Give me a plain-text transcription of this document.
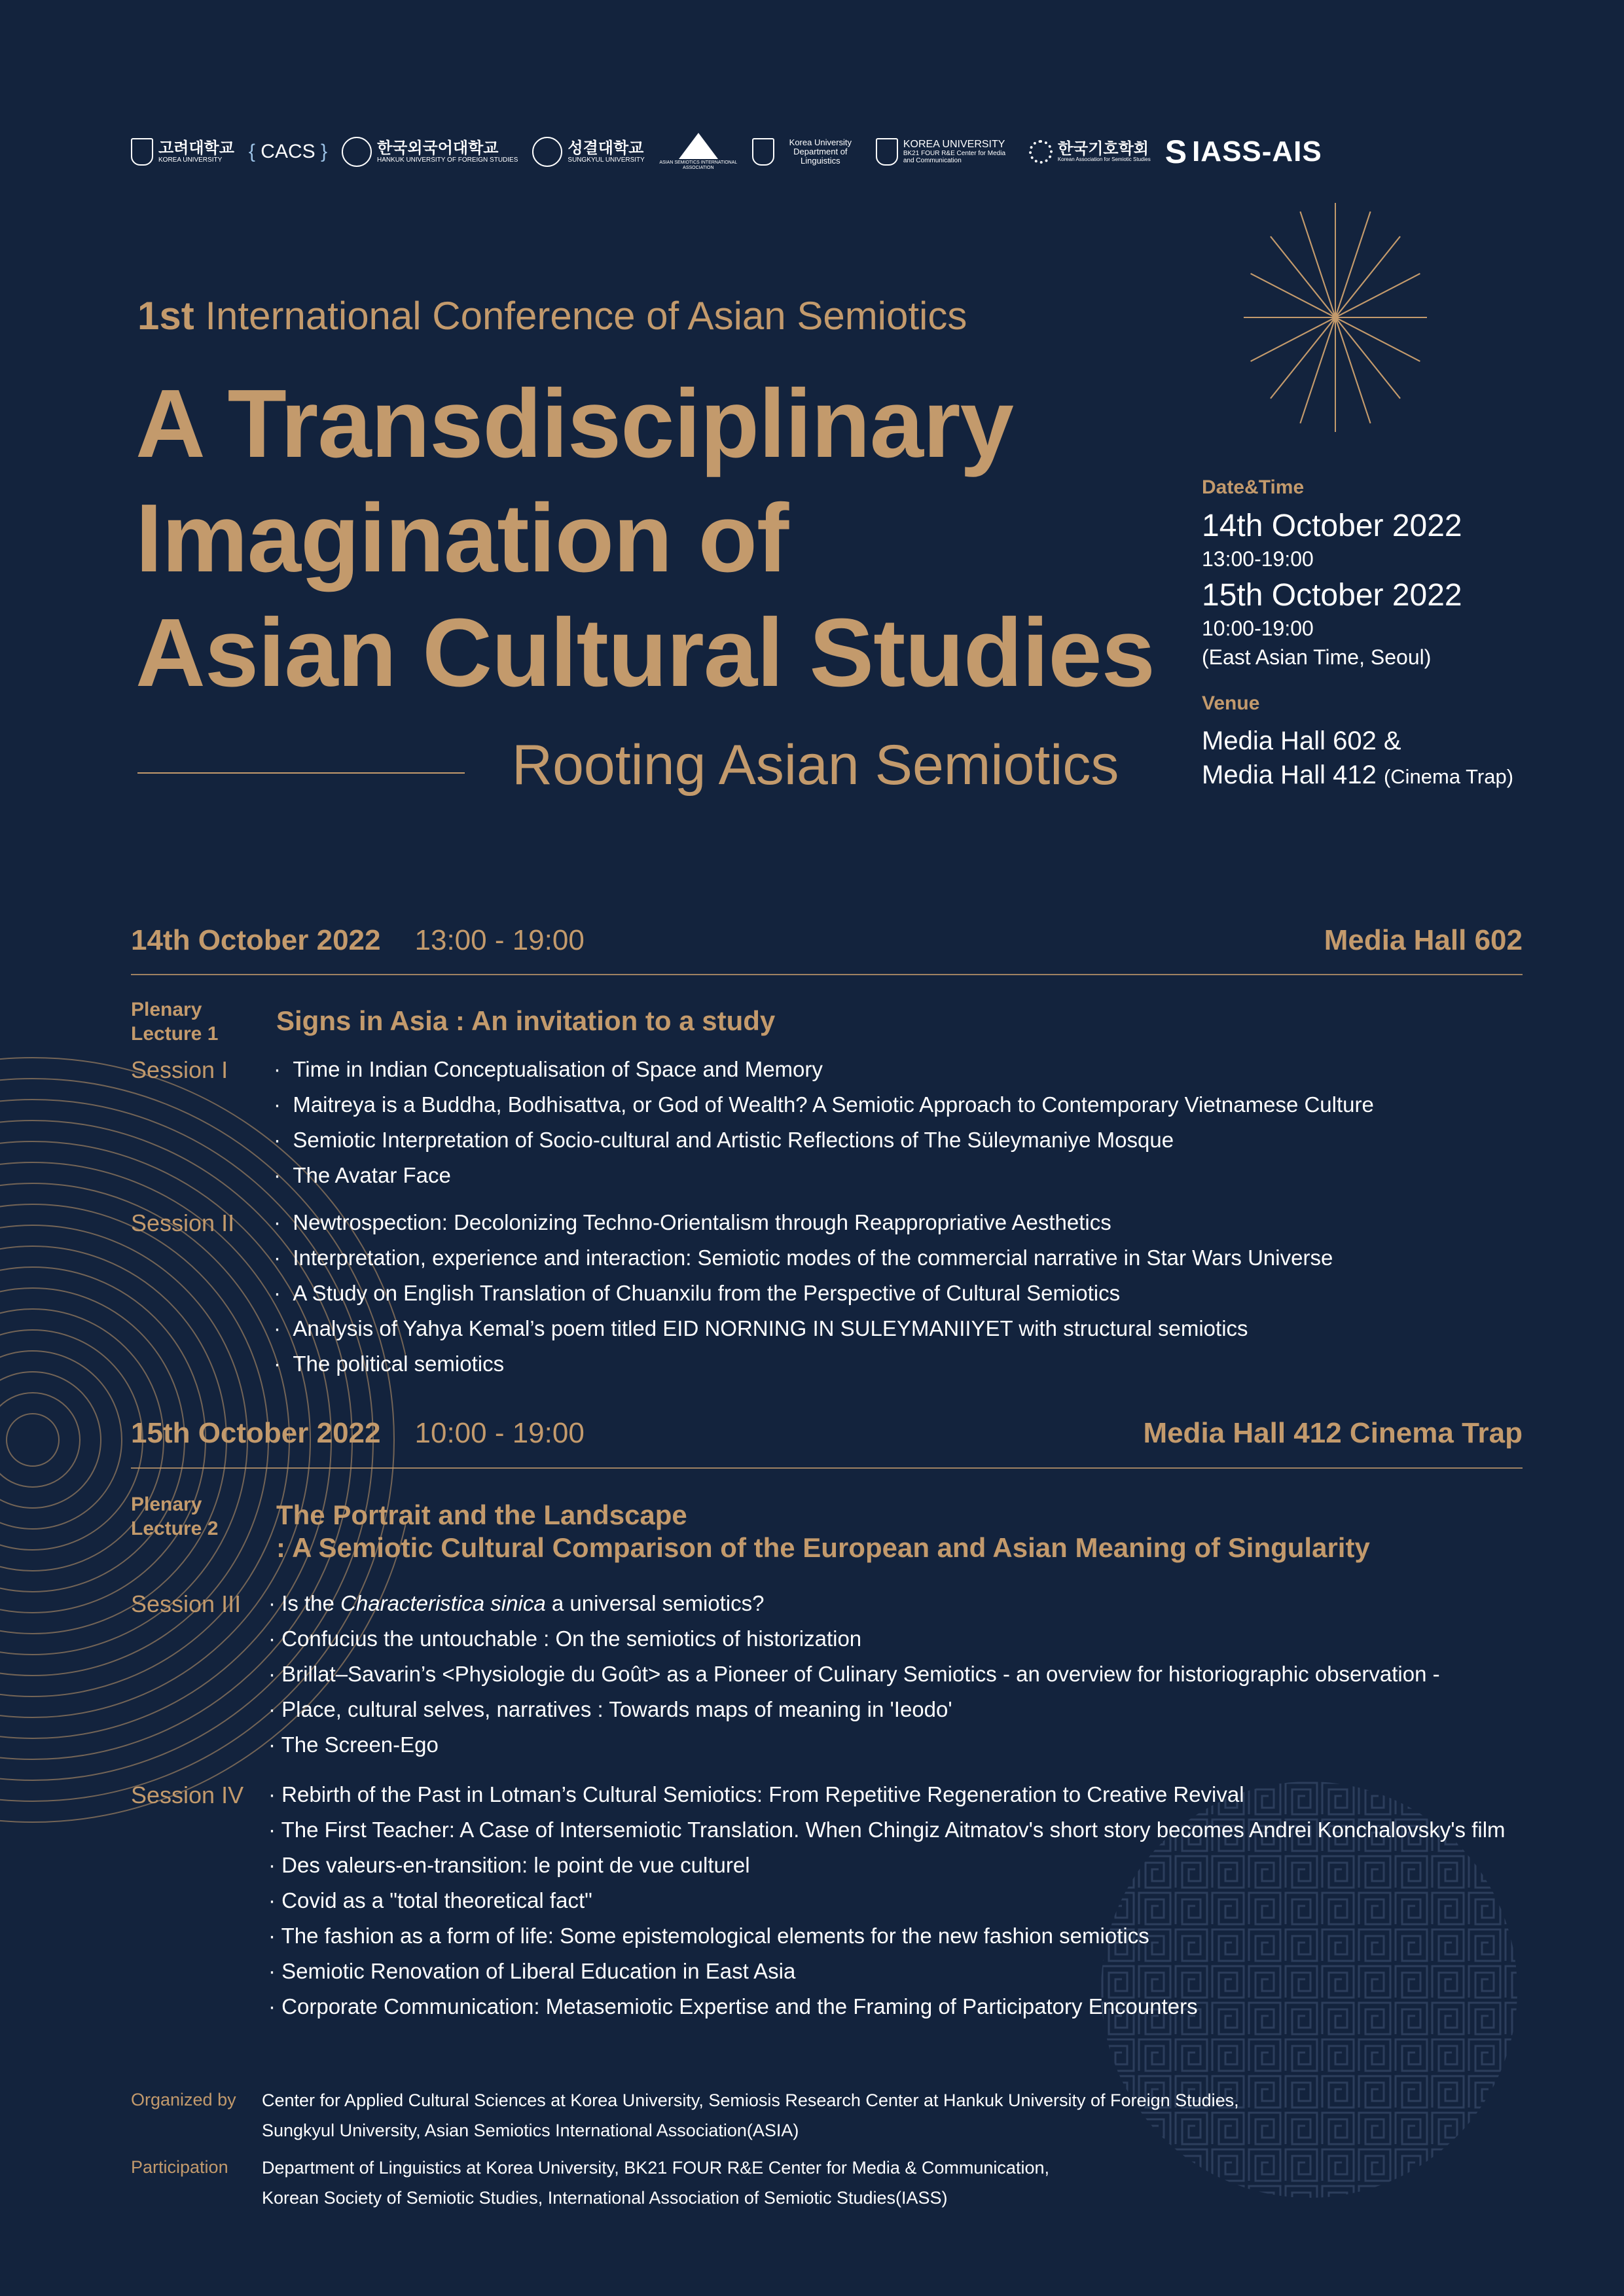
고려대학교
KOREA UNIVERSITY	{ CACS }	한국외국어대학교
HANKUK UNIVERSITY OF FOREIGN STUDIES
성결대학교
SUNGKYUL UNIVERSITY	ASIAN SEMIOTICS INTERNATIONAL ASSOCIATION
Korea University Department of Linguistics
KOREA UNIVERSITY
BK21 FOUR R&E Center for Media and Communication
한국기호학회
Korean Association for Semiotic Studies S IASS-AIS
1st International Conference of Asian Semiotics
A Transdisciplinary
Imagination of
Asian Cultural Studies
Rooting Asian Semiotics
Date&Time
14th October 2022
13:00-19:00
15th October 2022
10:00-19:00
(East Asian Time, Seoul)
Venue
Media Hall 602 &
Media Hall 412 (Cinema Trap)
14th October 2022 13:00 - 19:00	Media Hall 602
Plenary Lecture 1	Signs in Asia : An invitation to a study
Session I ·  Time in Indian Conceptualisation of Space and Memory
·  Maitreya is a Buddha, Bodhisattva, or God of Wealth? A Semiotic Approach to Contemporary Vietnamese Culture
·  Semiotic Interpretation of Socio-cultural and Artistic Reflections of The Süleymaniye Mosque
·  The Avatar Face
Session II ·  Newtrospection: Decolonizing Techno-Orientalism through Reappropriative Aesthetics
·  Interpretation, experience and interaction: Semiotic modes of the commercial narrative in Star Wars Universe
·  A Study on English Translation of Chuanxilu from the Perspective of Cultural Semiotics
·  Analysis of Yahya Kemal’s poem titled EID NORNING IN SULEYMANIIYET with structural semiotics
·  The political semiotics
15th October 2022 10:00 - 19:00	Media Hall 412 Cinema Trap
Plenary Lecture 2	The Portrait and the Landscape
: A Semiotic Cultural Comparison of the European and Asian Meaning of Singularity
Session III · Is the Characteristica sinica a universal semiotics?
· Confucius the untouchable : On the semiotics of historization
· Brillat–Savarin’s <Physiologie du Goût> as a Pioneer of Culinary Semiotics - an overview for historiographic observation -
· Place, cultural selves, narratives : Towards maps of meaning in 'Ieodo'
· The Screen-Ego
Session IV · Rebirth of the Past in Lotman’s Cultural Semiotics: From Repetitive Regeneration to Creative Revival
· The First Teacher: A Case of Intersemiotic Translation. When Chingiz Aitmatov's short story becomes Andrei Konchalovsky's film
· Des valeurs-en-transition: le point de vue culturel
· Covid as a "total theoretical fact"
· The fashion as a form of life: Some epistemological elements for the new fashion semiotics
· Semiotic Renovation of Liberal Education in East Asia
· Corporate Communication: Metasemiotic Expertise and the Framing of Participatory Encounters
Organized by Center for Applied Cultural Sciences at Korea University, Semiosis Research Center at Hankuk University of Foreign Studies,
Sungkyul University, Asian Semiotics International Association(ASIA)
Participation Department of Linguistics at Korea University, BK21 FOUR R&E Center for Media & Communication,
Korean Society of Semiotic Studies, International Association of Semiotic Studies(IASS)
